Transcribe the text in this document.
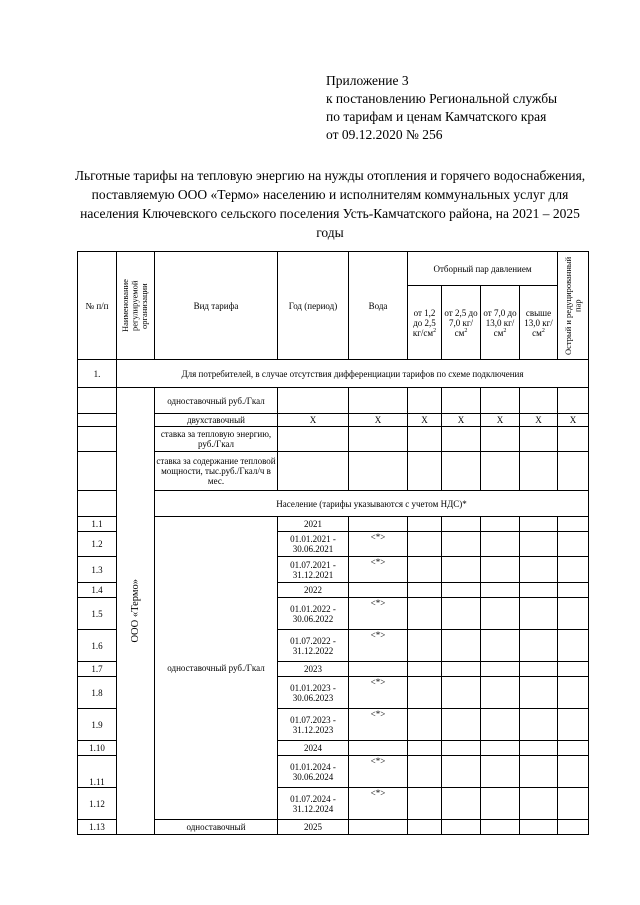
Приложение 3
к постановлению Региональной службы
по тарифам и ценам Камчатского края
от 09.12.2020 № 256
Льготные тарифы на тепловую энергию на нужды отопления и горячего водоснабжения, поставляемую ООО «Термо» населению и исполнителям коммунальных услуг для населения Ключевского сельского поселения Усть-Камчатского района, на 2021 – 2025 годы
№ п/п	Наименование регулируемой организации	Вид тарифа	Год (период)	Вода	Отборный пар давлением				Острый и редуцированный пар

					от 1,2 до 2,5 $кг/см^2$	от 2,5 до 7,0 $кг/см^2$	от 7,0 до 13,0 $кг/см^2$	свыше 13,0 $кг/см^2$
1.	Для потребителей, в случае отсутствия дифференциации тарифов по схеме подключения								

	ООО «Термо»	одноставочный руб./Гкал							
		двухставочный	X	X	X	X	X	X	X
		ставка за тепловую энергию, руб./Гкал							
		ставка за содержание тепловой мощности, тыс.руб./Гкал/ч в мес.							
		Население (тарифы указываются с учетом НДС)*							
1.1		одноставочный руб./Гкал	2021						
1.2			01.01.2021 - 30.06.2021	<*>					
1.3			01.07.2021 - 31.12.2021	<*>					
1.4			2022						
1.5			01.01.2022 - 30.06.2022	<*>					
1.6			01.07.2022 - 31.12.2022	<*>					
1.7			2023						
1.8			01.01.2023 - 30.06.2023	<*>					
1.9			01.07.2023 - 31.12.2023	<*>					
1.10			2024						
1.11			01.01.2024 - 30.06.2024	<*>					
1.12			01.07.2024 - 31.12.2024	<*>					
1.13		одноставочный	2025						
